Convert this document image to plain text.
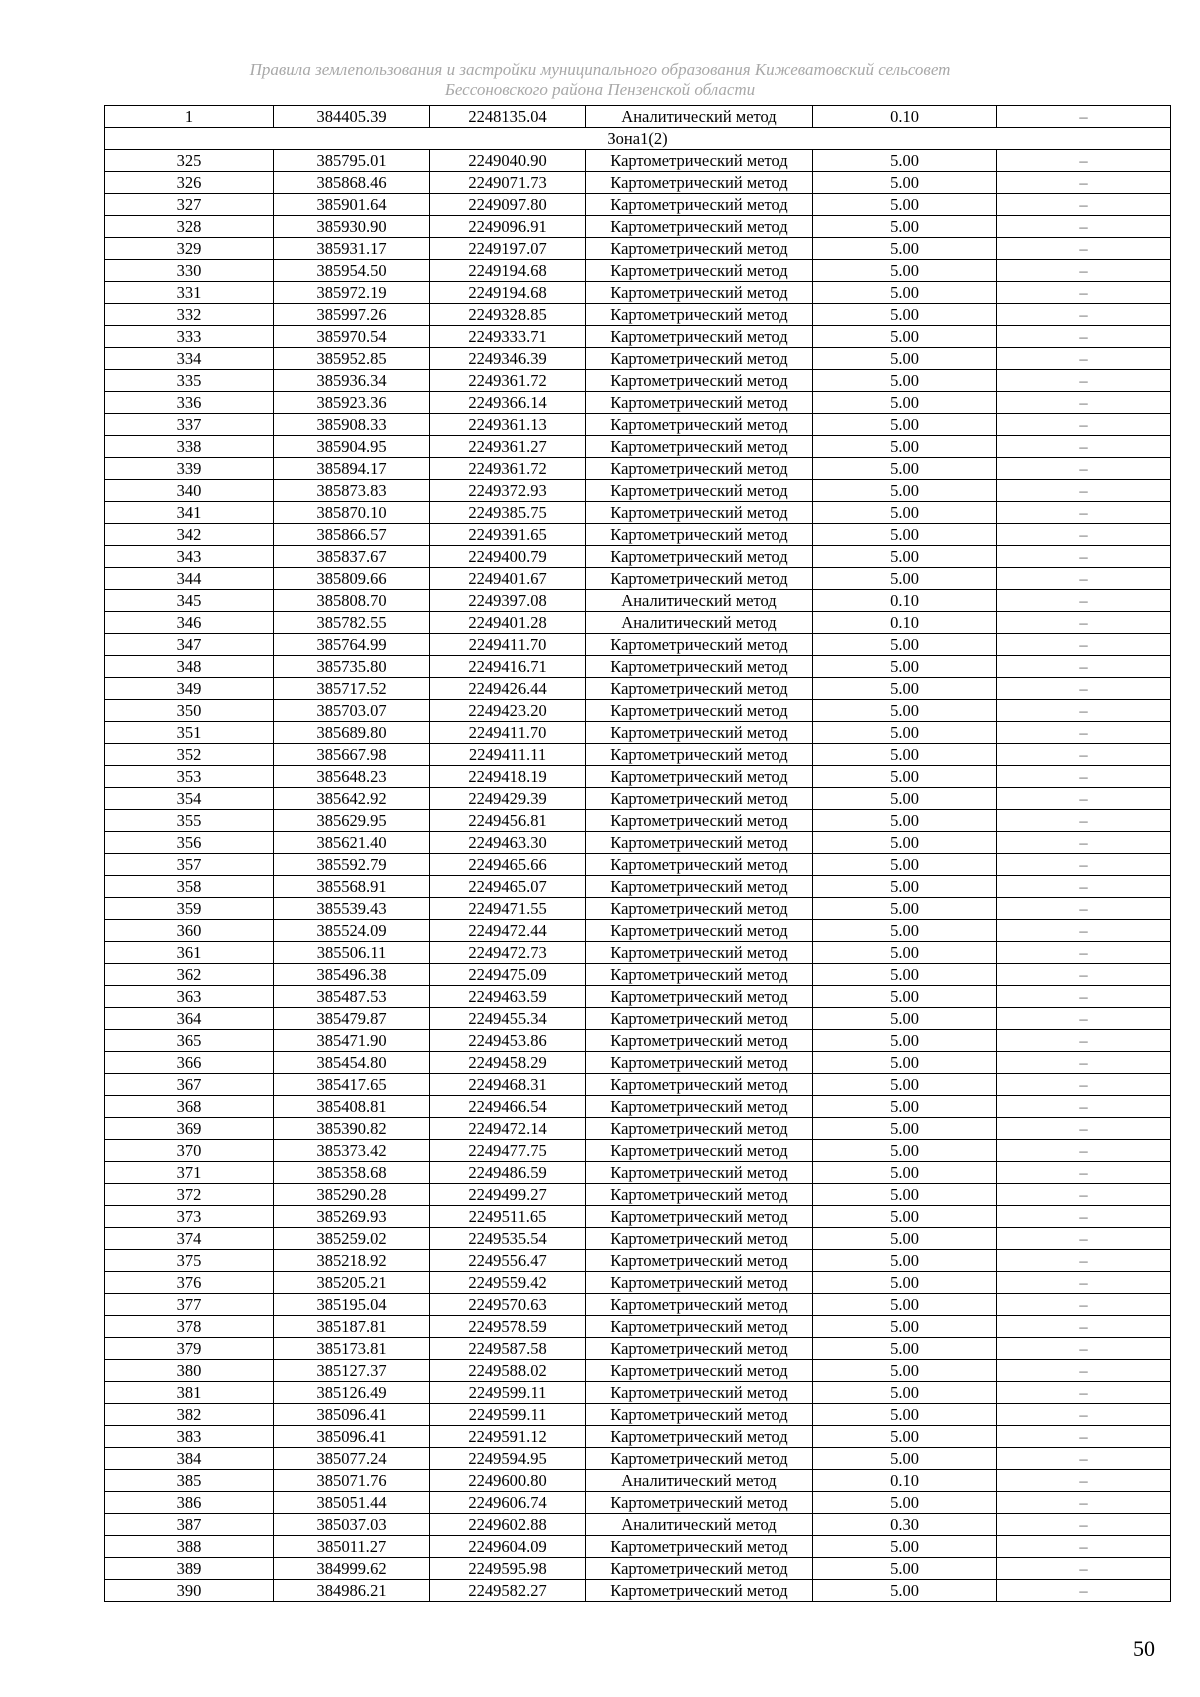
Правила землепользования и застройки муниципального образования Кижеватовский сельсовет
Бессоновского района Пензенской области
1	384405.39	2248135.04	Аналитический метод	0.10	–
Зона1(2)					
325	385795.01	2249040.90	Картометрический метод	5.00	–
326	385868.46	2249071.73	Картометрический метод	5.00	–
327	385901.64	2249097.80	Картометрический метод	5.00	–
328	385930.90	2249096.91	Картометрический метод	5.00	–
329	385931.17	2249197.07	Картометрический метод	5.00	–
330	385954.50	2249194.68	Картометрический метод	5.00	–
331	385972.19	2249194.68	Картометрический метод	5.00	–
332	385997.26	2249328.85	Картометрический метод	5.00	–
333	385970.54	2249333.71	Картометрический метод	5.00	–
334	385952.85	2249346.39	Картометрический метод	5.00	–
335	385936.34	2249361.72	Картометрический метод	5.00	–
336	385923.36	2249366.14	Картометрический метод	5.00	–
337	385908.33	2249361.13	Картометрический метод	5.00	–
338	385904.95	2249361.27	Картометрический метод	5.00	–
339	385894.17	2249361.72	Картометрический метод	5.00	–
340	385873.83	2249372.93	Картометрический метод	5.00	–
341	385870.10	2249385.75	Картометрический метод	5.00	–
342	385866.57	2249391.65	Картометрический метод	5.00	–
343	385837.67	2249400.79	Картометрический метод	5.00	–
344	385809.66	2249401.67	Картометрический метод	5.00	–
345	385808.70	2249397.08	Аналитический метод	0.10	–
346	385782.55	2249401.28	Аналитический метод	0.10	–
347	385764.99	2249411.70	Картометрический метод	5.00	–
348	385735.80	2249416.71	Картометрический метод	5.00	–
349	385717.52	2249426.44	Картометрический метод	5.00	–
350	385703.07	2249423.20	Картометрический метод	5.00	–
351	385689.80	2249411.70	Картометрический метод	5.00	–
352	385667.98	2249411.11	Картометрический метод	5.00	–
353	385648.23	2249418.19	Картометрический метод	5.00	–
354	385642.92	2249429.39	Картометрический метод	5.00	–
355	385629.95	2249456.81	Картометрический метод	5.00	–
356	385621.40	2249463.30	Картометрический метод	5.00	–
357	385592.79	2249465.66	Картометрический метод	5.00	–
358	385568.91	2249465.07	Картометрический метод	5.00	–
359	385539.43	2249471.55	Картометрический метод	5.00	–
360	385524.09	2249472.44	Картометрический метод	5.00	–
361	385506.11	2249472.73	Картометрический метод	5.00	–
362	385496.38	2249475.09	Картометрический метод	5.00	–
363	385487.53	2249463.59	Картометрический метод	5.00	–
364	385479.87	2249455.34	Картометрический метод	5.00	–
365	385471.90	2249453.86	Картометрический метод	5.00	–
366	385454.80	2249458.29	Картометрический метод	5.00	–
367	385417.65	2249468.31	Картометрический метод	5.00	–
368	385408.81	2249466.54	Картометрический метод	5.00	–
369	385390.82	2249472.14	Картометрический метод	5.00	–
370	385373.42	2249477.75	Картометрический метод	5.00	–
371	385358.68	2249486.59	Картометрический метод	5.00	–
372	385290.28	2249499.27	Картометрический метод	5.00	–
373	385269.93	2249511.65	Картометрический метод	5.00	–
374	385259.02	2249535.54	Картометрический метод	5.00	–
375	385218.92	2249556.47	Картометрический метод	5.00	–
376	385205.21	2249559.42	Картометрический метод	5.00	–
377	385195.04	2249570.63	Картометрический метод	5.00	–
378	385187.81	2249578.59	Картометрический метод	5.00	–
379	385173.81	2249587.58	Картометрический метод	5.00	–
380	385127.37	2249588.02	Картометрический метод	5.00	–
381	385126.49	2249599.11	Картометрический метод	5.00	–
382	385096.41	2249599.11	Картометрический метод	5.00	–
383	385096.41	2249591.12	Картометрический метод	5.00	–
384	385077.24	2249594.95	Картометрический метод	5.00	–
385	385071.76	2249600.80	Аналитический метод	0.10	–
386	385051.44	2249606.74	Картометрический метод	5.00	–
387	385037.03	2249602.88	Аналитический метод	0.30	–
388	385011.27	2249604.09	Картометрический метод	5.00	–
389	384999.62	2249595.98	Картометрический метод	5.00	–
390	384986.21	2249582.27	Картометрический метод	5.00	–
50
